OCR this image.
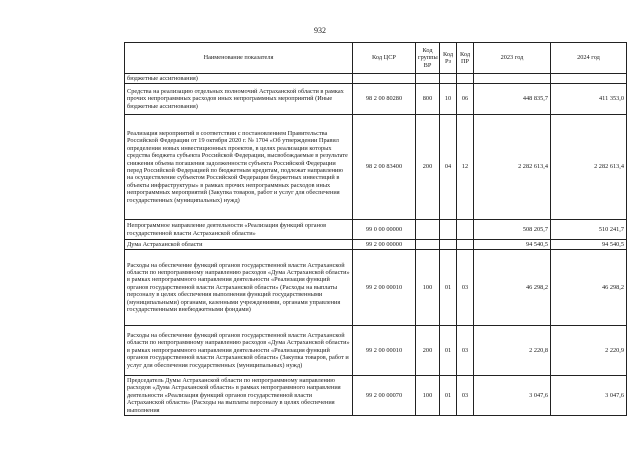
932
Наименование показателя	Код ЦСР	Код группы ВР	Код Рз	Код ПР	2023 год	2024 год
бюджетные ассигнования)						
Средства на реализацию отдельных полномочий Астраханской области в рамках прочих непрограммных расходов иных непрограммных мероприятий (Иные бюджетные ассигнования)	98 2 00 80280	800	10	06	448 835,7	411 353,0
Реализация мероприятий в соответствии с постановлением Правительства Российской Федерации от 19 октября 2020 г. № 1704 «Об утверждении Правил определения новых инвестиционных проектов, в целях реализации которых средства бюджета субъекта Российской Федерации, высвобождаемые в результате снижения объема погашения задолженности субъекта Российской Федерации перед Российской Федерацией по бюджетным кредитам, подлежат направлению на осуществление субъектом Российской Федерации бюджетных инвестиций в объекты инфраструктуры» в рамках прочих непрограммных расходов иных непрограммных мероприятий (Закупка товаров, работ и услуг для обеспечения государственных (муниципальных) нужд)	98 2 00 83400	200	04	12	2 282 613,4	2 282 613,4
Непрограммное направление деятельности «Реализация функций органов государственной власти Астраханской области»	99 0 00 00000				508 205,7	510 241,7
Дума Астраханской области	99 2 00 00000				94 540,5	94 540,5
Расходы на обеспечение функций органов государственной власти Астраханской области по непрограммному направлению расходов «Дума Астраханской области» в рамках непрограммного направления деятельности «Реализация функций органов государственной власти Астраханской области» (Расходы на выплаты персоналу в целях обеспечения выполнения функций государственными (муниципальными) органами, казенными учреждениями, органами управления государственными внебюджетными фондами)	99 2 00 00010	100	01	03	46 298,2	46 298,2
Расходы на обеспечение функций органов государственной власти Астраханской области по непрограммному направлению расходов «Дума Астраханской области» в рамках непрограммного направления деятельности «Реализация функций органов государственной власти Астраханской области» (Закупка товаров, работ и услуг для обеспечения государственных (муниципальных) нужд)	99 2 00 00010	200	01	03	2 220,8	2 220,9
Председатель Думы Астраханской области по непрограммному направлению расходов «Дума Астраханской области» в рамках непрограммного направления деятельности «Реализация функций органов государственной власти Астраханской области» (Расходы на выплаты персоналу в целях обеспечения выполнения	99 2 00 00070	100	01	03	3 047,6	3 047,6
